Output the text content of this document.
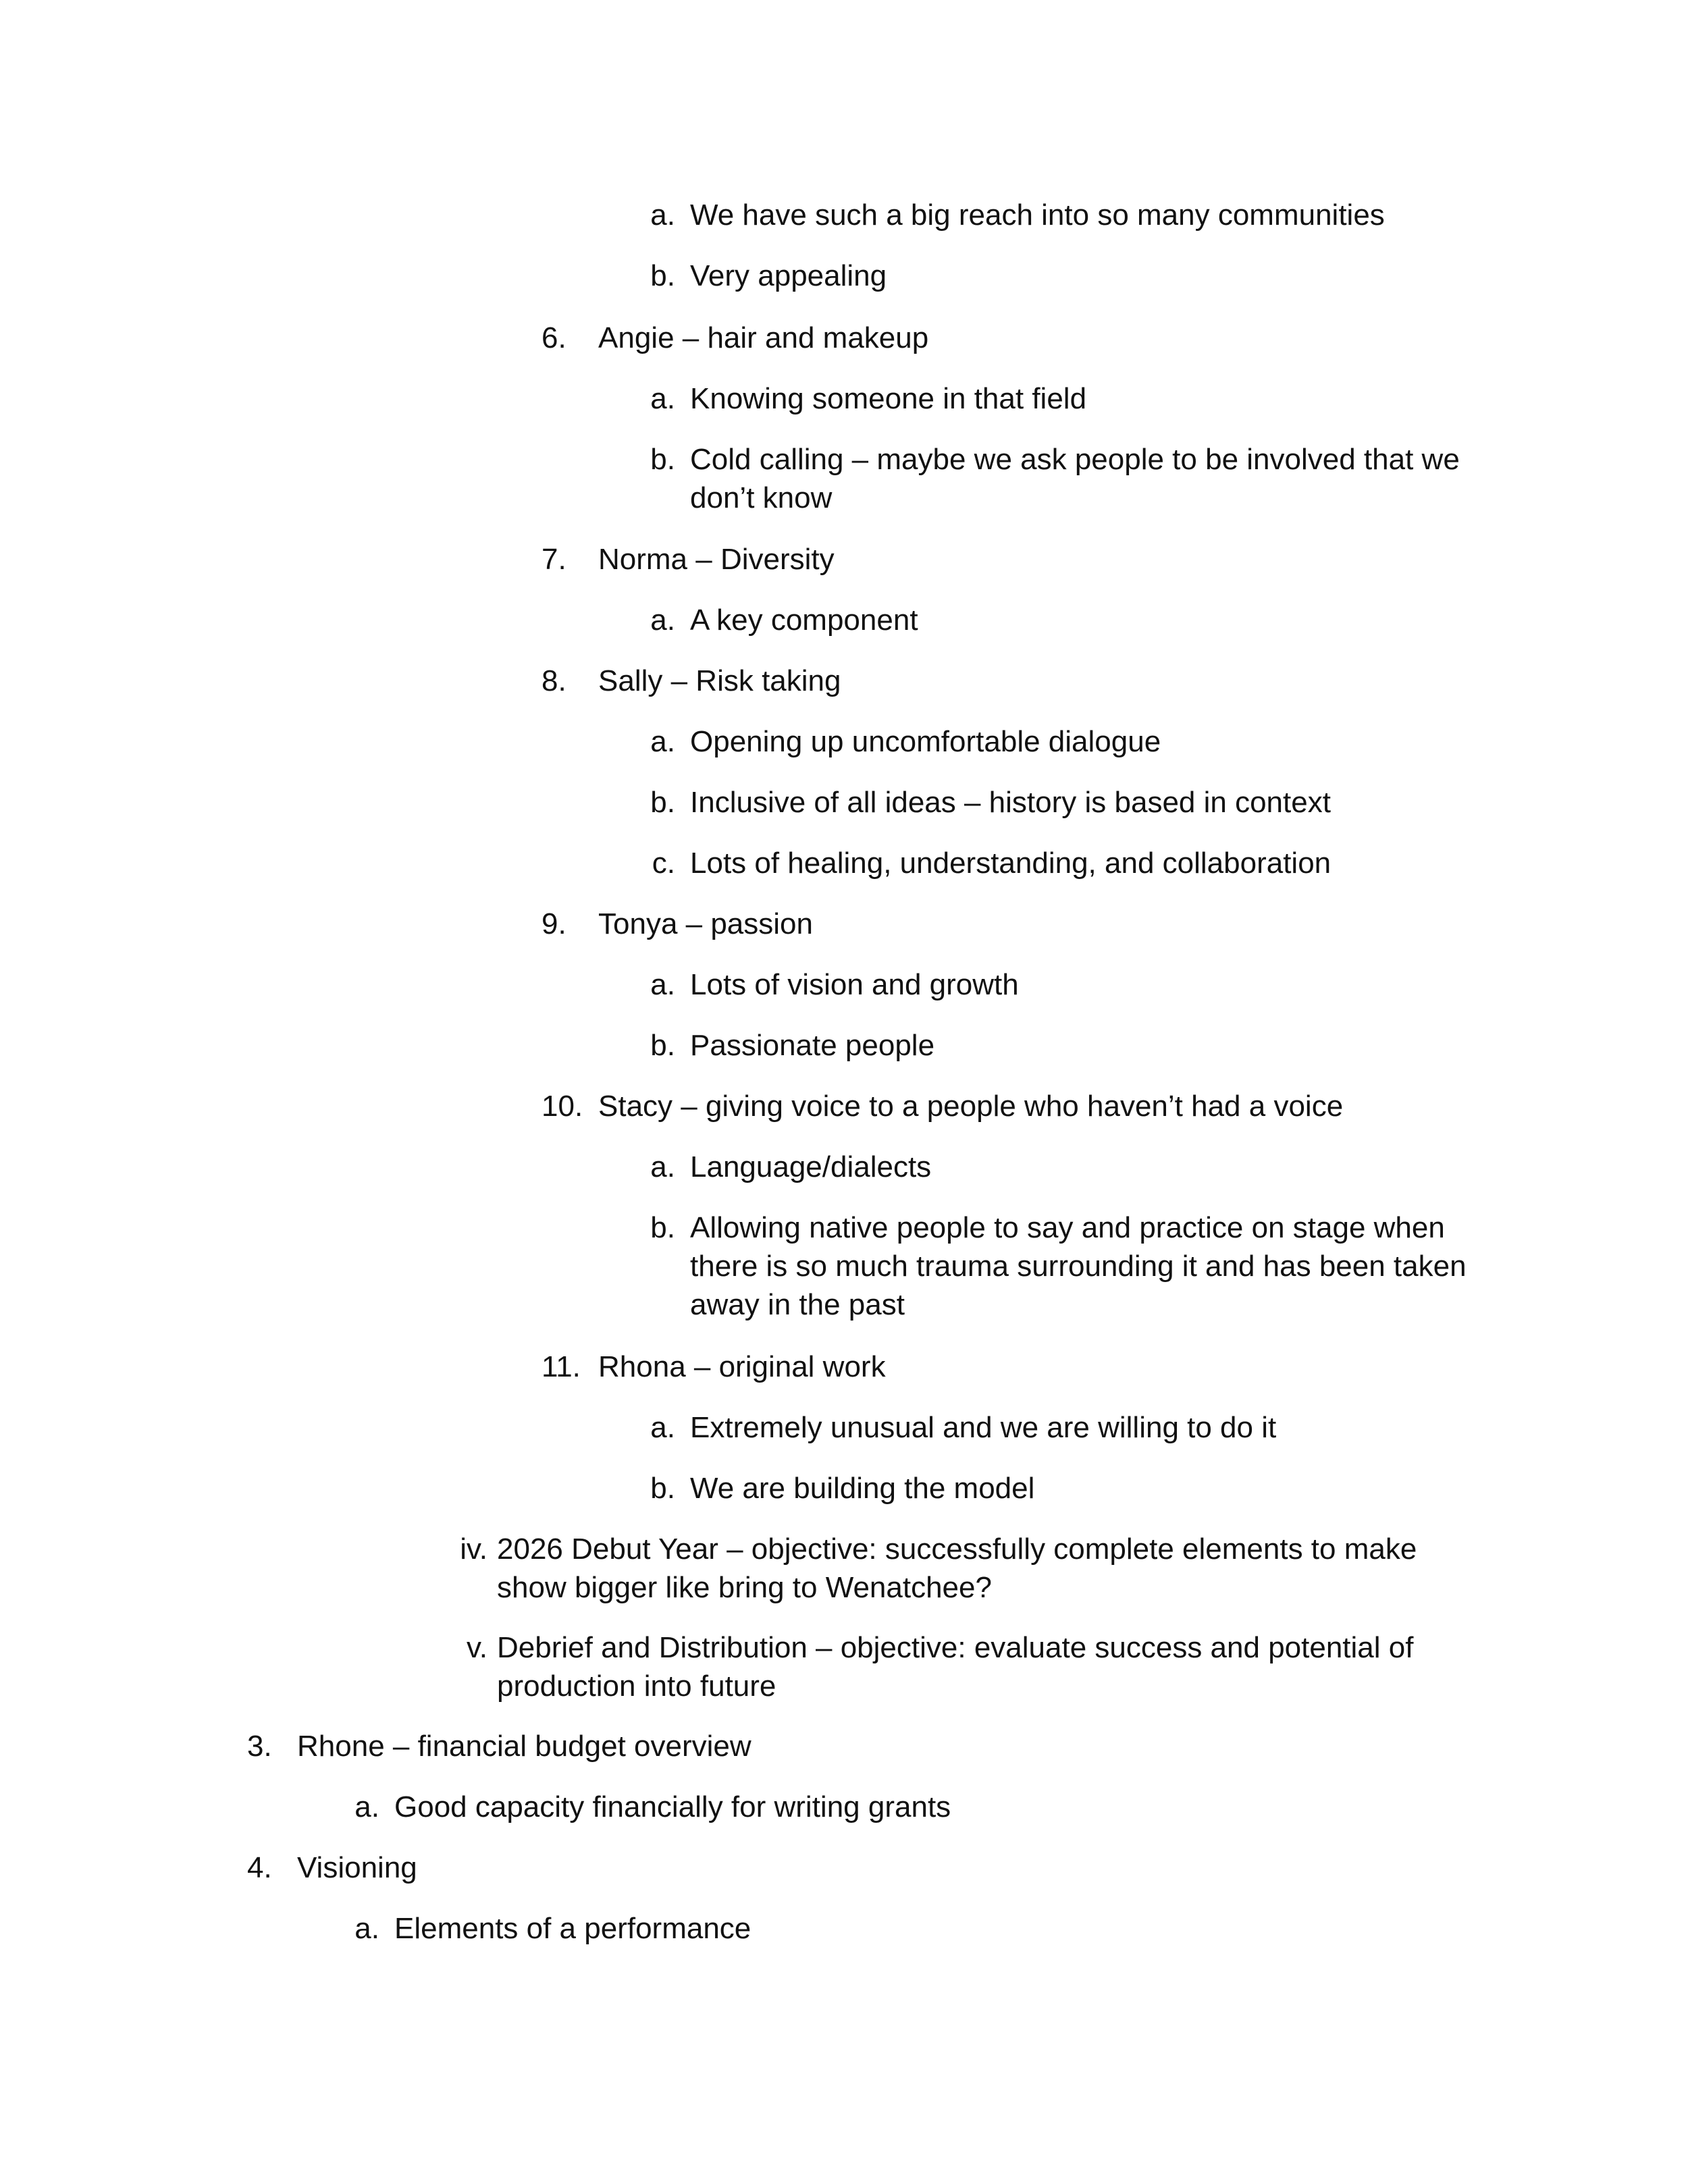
a. We have such a big reach into so many communities
b. Very appealing
6. Angie – hair and makeup
a. Knowing someone in that field
b. Cold calling – maybe we ask people to be involved that we
don’t know
7. Norma – Diversity
a. A key component
8. Sally – Risk taking
a. Opening up uncomfortable dialogue
b. Inclusive of all ideas – history is based in context
c. Lots of healing, understanding, and collaboration
9. Tonya – passion
a. Lots of vision and growth
b. Passionate people
10. Stacy – giving voice to a people who haven’t had a voice
a. Language/dialects
b. Allowing native people to say and practice on stage when
there is so much trauma surrounding it and has been taken
away in the past
11. Rhona – original work
a. Extremely unusual and we are willing to do it
b. We are building the model
iv. 2026 Debut Year – objective: successfully complete elements to make
show bigger like bring to Wenatchee?
v. Debrief and Distribution – objective: evaluate success and potential of
production into future
3. Rhone – financial budget overview
a. Good capacity financially for writing grants
4. Visioning
a. Elements of a performance
